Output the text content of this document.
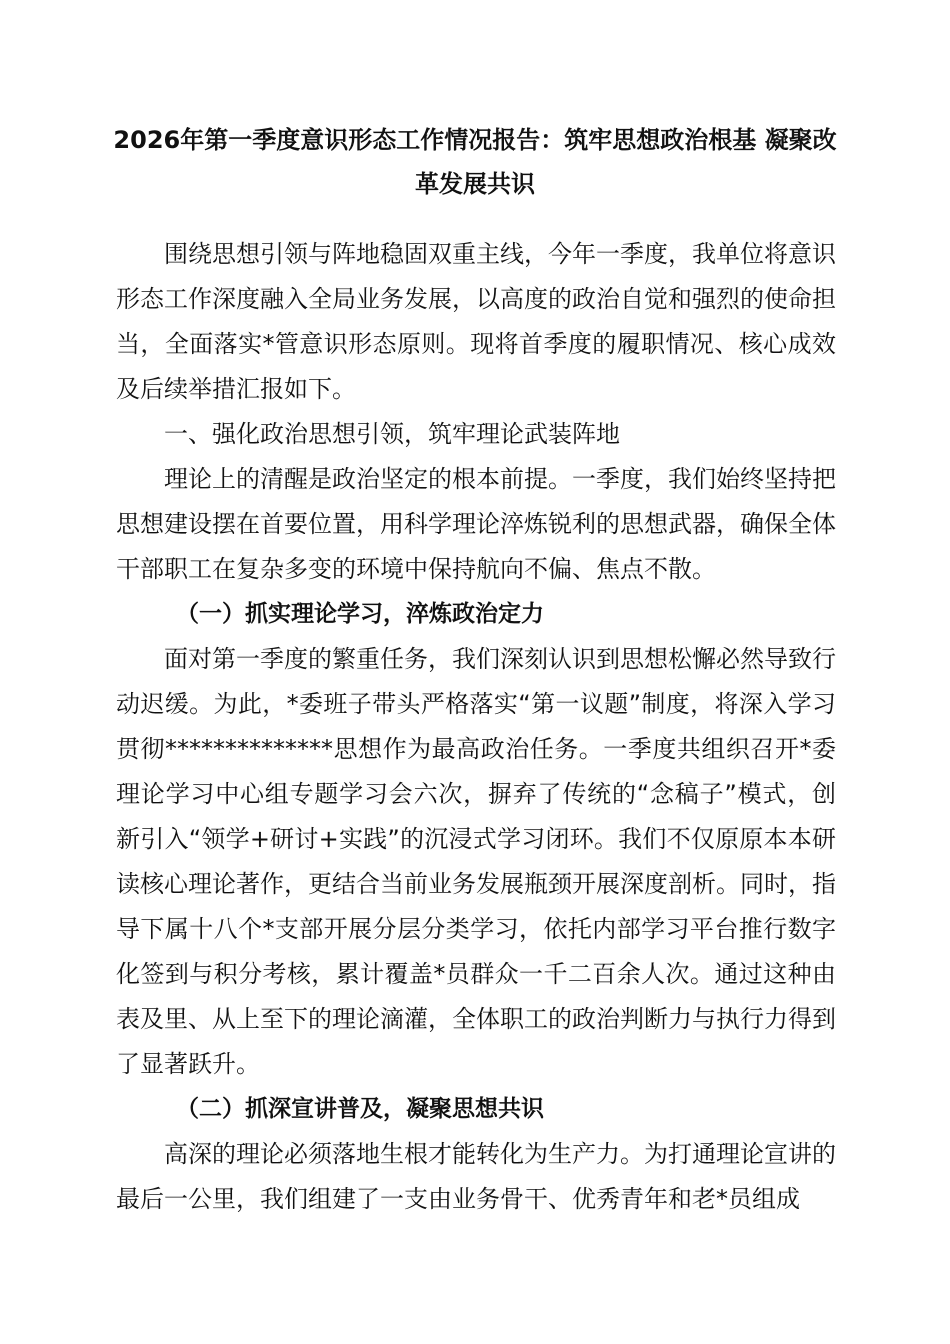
2026年第一季度意识形态工作情况报告：筑牢思想政治根基 凝聚改革发展共识

围绕思想引领与阵地稳固双重主线，今年一季度，我单位将意识形态工作深度融入全局业务发展，以高度的政治自觉和强烈的使命担当，全面落实*管意识形态原则。现将首季度的履职情况、核心成效及后续举措汇报如下。

一、强化政治思想引领，筑牢理论武装阵地

理论上的清醒是政治坚定的根本前提。一季度，我们始终坚持把思想建设摆在首要位置，用科学理论淬炼锐利的思想武器，确保全体干部职工在复杂多变的环境中保持航向不偏、焦点不散。

（一）抓实理论学习，淬炼政治定力

面对第一季度的繁重任务，我们深刻认识到思想松懈必然导致行动迟缓。为此，*委班子带头严格落实“第一议题”制度，将深入学习贯彻**************思想作为最高政治任务。一季度共组织召开*委理论学习中心组专题学习会六次，摒弃了传统的“念稿子”模式，创新引入“领学+研讨+实践”的沉浸式学习闭环。我们不仅原原本本研读核心理论著作，更结合当前业务发展瓶颈开展深度剖析。同时，指导下属十八个*支部开展分层分类学习，依托内部学习平台推行数字化签到与积分考核，累计覆盖*员群众一千二百余人次。通过这种由表及里、从上至下的理论滴灌，全体职工的政治判断力与执行力得到了显著跃升。

（二）抓深宣讲普及，凝聚思想共识

高深的理论必须落地生根才能转化为生产力。为打通理论宣讲的最后一公里，我们组建了一支由业务骨干、优秀青年和老*员组成
